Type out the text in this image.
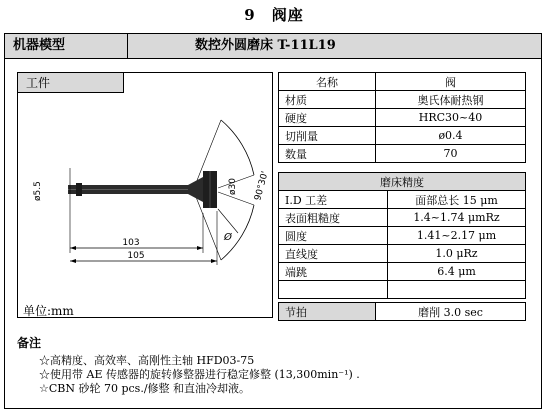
9　阀座
机器模型	数控外圆磨床 T-11L19
工件
103
105
ø5.5	ø30 90°30'
Ø
单位:mm
名称	阀
材质	奥氏体耐热钢
硬度	HRC30~40
切削量	ø0.4
数量	70
磨床精度	
I.D 工差	面部总长 15 μm
表面粗糙度	1.4~1.74 μmRz
圆度	1.41~2.17 μm
直线度	1.0 μRz
端跳	6.4 μm

节拍	磨削 3.0 sec
备注
☆高精度、高效率、高刚性主轴 HFD03-75
☆使用带 AE 传感器的旋转修整器进行稳定修整 (13,300min⁻¹) .
☆CBN 砂轮 70 pcs./修整 和直油冷却液。
